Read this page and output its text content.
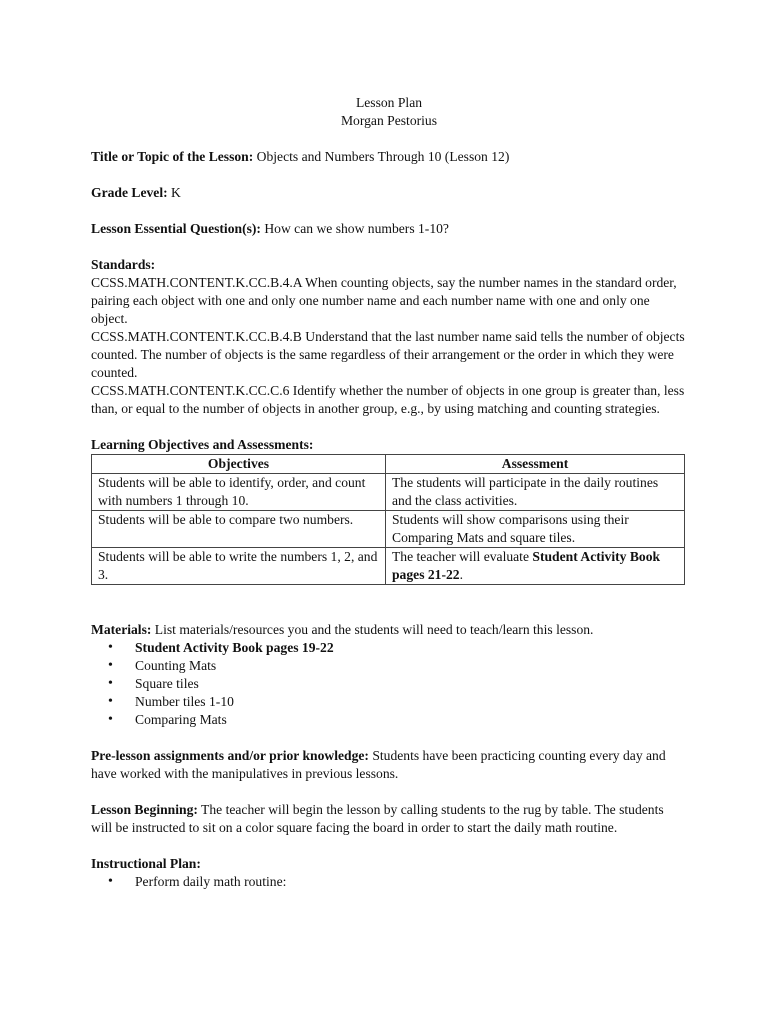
Lesson Plan

Morgan Pestorius

Title or Topic of the Lesson: Objects and Numbers Through 10 (Lesson 12)

Grade Level: K

Lesson Essential Question(s): How can we show numbers 1-10?

Standards:

CCSS.MATH.CONTENT.K.CC.B.4.A When counting objects, say the number names in the standard order, pairing each object with one and only one number name and each number name with one and only one object.

CCSS.MATH.CONTENT.K.CC.B.4.B Understand that the last number name said tells the number of objects counted. The number of objects is the same regardless of their arrangement or the order in which they were counted.

CCSS.MATH.CONTENT.K.CC.C.6 Identify whether the number of objects in one group is greater than, less than, or equal to the number of objects in another group, e.g., by using matching and counting strategies.

Learning Objectives and Assessments:

Objectives	Assessment
Students will be able to identify, order, and count with numbers 1 through 10.	The students will participate in the daily routines and the class activities.
Students will be able to compare two numbers.	Students will show comparisons using their Comparing Mats and square tiles.
Students will be able to write the numbers 1, 2, and 3.	The teacher will evaluate Student Activity Book pages 21-22.

Materials: List materials/resources you and the students will need to teach/learn this lesson.

• Student Activity Book pages 19-22
• Counting Mats
• Square tiles
• Number tiles 1-10
• Comparing Mats

Pre-lesson assignments and/or prior knowledge: Students have been practicing counting every day and have worked with the manipulatives in previous lessons.

Lesson Beginning: The teacher will begin the lesson by calling students to the rug by table. The students will be instructed to sit on a color square facing the board in order to start the daily math routine.

Instructional Plan:

• Perform daily math routine:
